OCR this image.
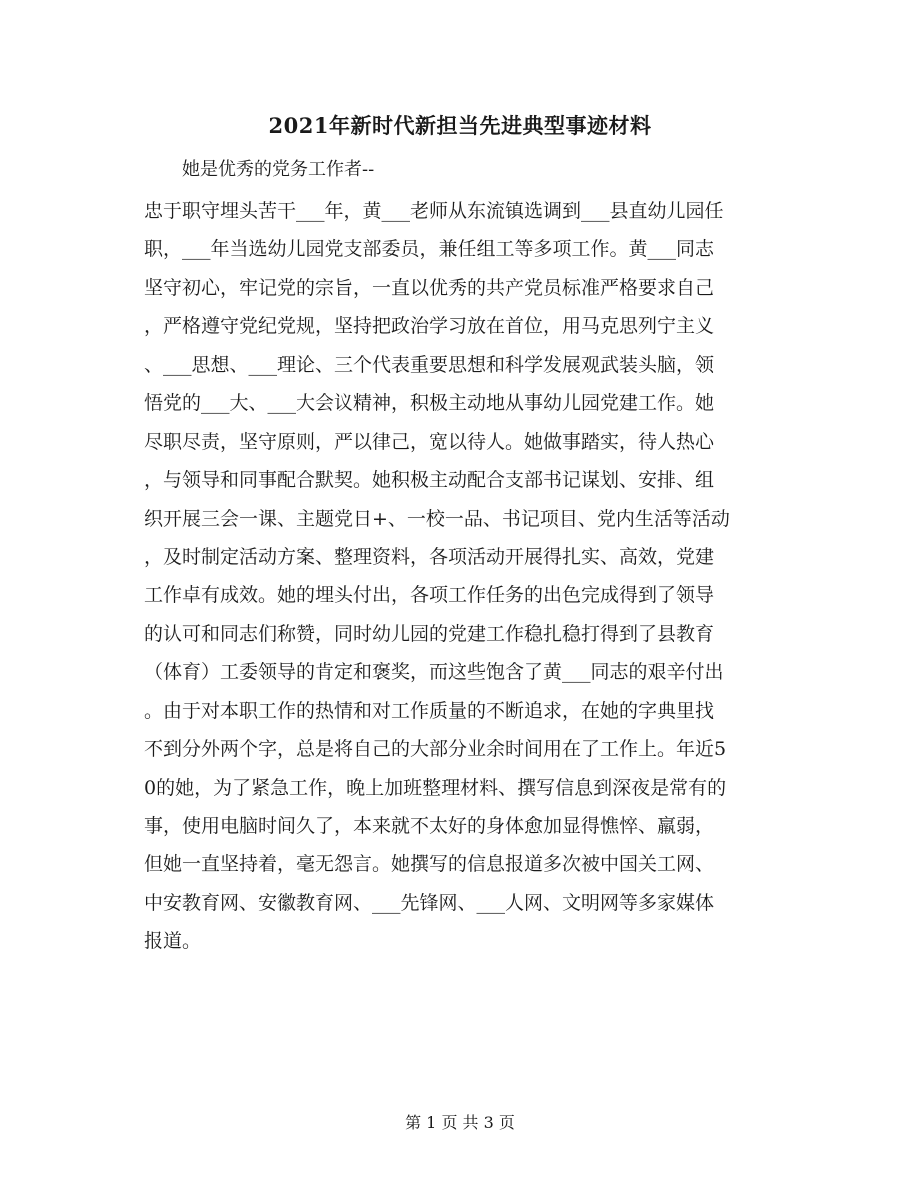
2021年新时代新担当先进典型事迹材料
她是优秀的党务工作者--
忠于职守埋头苦干___年，黄___老师从东流镇选调到___县直幼儿园任
职，___年当选幼儿园党支部委员，兼任组工等多项工作。黄___同志
坚守初心，牢记党的宗旨，一直以优秀的共产党员标准严格要求自己
，严格遵守党纪党规，坚持把政治学习放在首位，用马克思列宁主义
、___思想、___理论、三个代表重要思想和科学发展观武装头脑，领
悟党的___大、___大会议精神，积极主动地从事幼儿园党建工作。她
尽职尽责，坚守原则，严以律己，宽以待人。她做事踏实，待人热心
，与领导和同事配合默契。她积极主动配合支部书记谋划、安排、组
织开展三会一课、主题党日+、一校一品、书记项目、党内生活等活动
，及时制定活动方案、整理资料，各项活动开展得扎实、高效，党建
工作卓有成效。她的埋头付出，各项工作任务的出色完成得到了领导
的认可和同志们称赞，同时幼儿园的党建工作稳扎稳打得到了县教育
（体育）工委领导的肯定和褒奖，而这些饱含了黄___同志的艰辛付出
。由于对本职工作的热情和对工作质量的不断追求，在她的字典里找
不到分外两个字，总是将自己的大部分业余时间用在了工作上。年近5
0的她，为了紧急工作，晚上加班整理材料、撰写信息到深夜是常有的
事，使用电脑时间久了，本来就不太好的身体愈加显得憔悴、羸弱，
但她一直坚持着，毫无怨言。她撰写的信息报道多次被中国关工网、
中安教育网、安徽教育网、___先锋网、___人网、文明网等多家媒体
报道。
第 1 页 共 3 页
